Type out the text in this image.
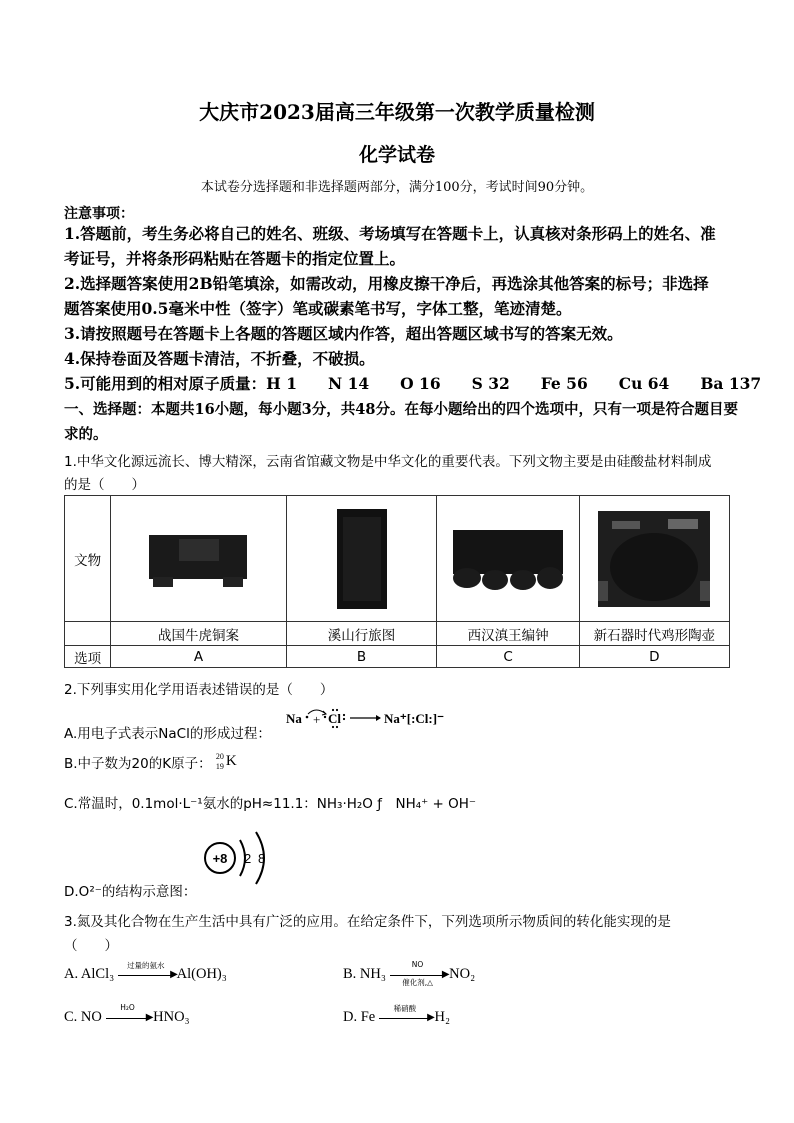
大庆市2023届高三年级第一次教学质量检测
化学试卷
本试卷分选择题和非选择题两部分，满分100分，考试时间90分钟。
注意事项：
1.答题前，考生务必将自己的姓名、班级、考场填写在答题卡上，认真核对条形码上的姓名、准
考证号，并将条形码粘贴在答题卡的指定位置上。
2.选择题答案使用2B铅笔填涂，如需改动，用橡皮擦干净后，再选涂其他答案的标号；非选择
题答案使用0.5毫米中性（签字）笔或碳素笔书写，字体工整，笔迹清楚。
3.请按照题号在答题卡上各题的答题区域内作答，超出答题区域书写的答案无效。
4.保持卷面及答题卡清洁，不折叠，不破损。
5.可能用到的相对原子质量：H 1　　N 14　　O 16　　S 32　　Fe 56　　Cu 64　　Ba 137
一、选择题：本题共16小题，每小题3分，共48分。在每小题给出的四个选项中，只有一项是符合题目要
求的。
1.中华文化源远流长、博大精深，云南省馆藏文物是中华文化的重要代表。下列文物主要是由硅酸盐材料制成
的是（　　）
文物	

	战国牛虎铜案	溪山行旅图	西汉滇王编钟	新石器时代鸡形陶壶
选项	A	B	C	D
2.下列事实用化学用语表述错误的是（　　）
A.用电子式表示NaCl的形成过程：
Na + Cl	Na⁺[:Cl:]⁻
B.中子数为20的K原子： 20
19 K
C.常温时，0.1mol·L⁻¹氨水的pH≈11.1：NH₃·H₂O ƒ　NH₄⁺ + OH⁻
+8 2 8
D.O²⁻的结构示意图：
3.氮及其化合物在生产生活中具有广泛的应用。在给定条件下，下列选项所示物质间的转化能实现的是
（　　）
A. AlCl₃
过量的氨水
▶
Al(OH)₃	B. NH₃
NO
▶
催化剂,△
NO₂
C. NO
H₂O
▶ HNO₃	D. Fe
稀硝酸
▶ H₂
